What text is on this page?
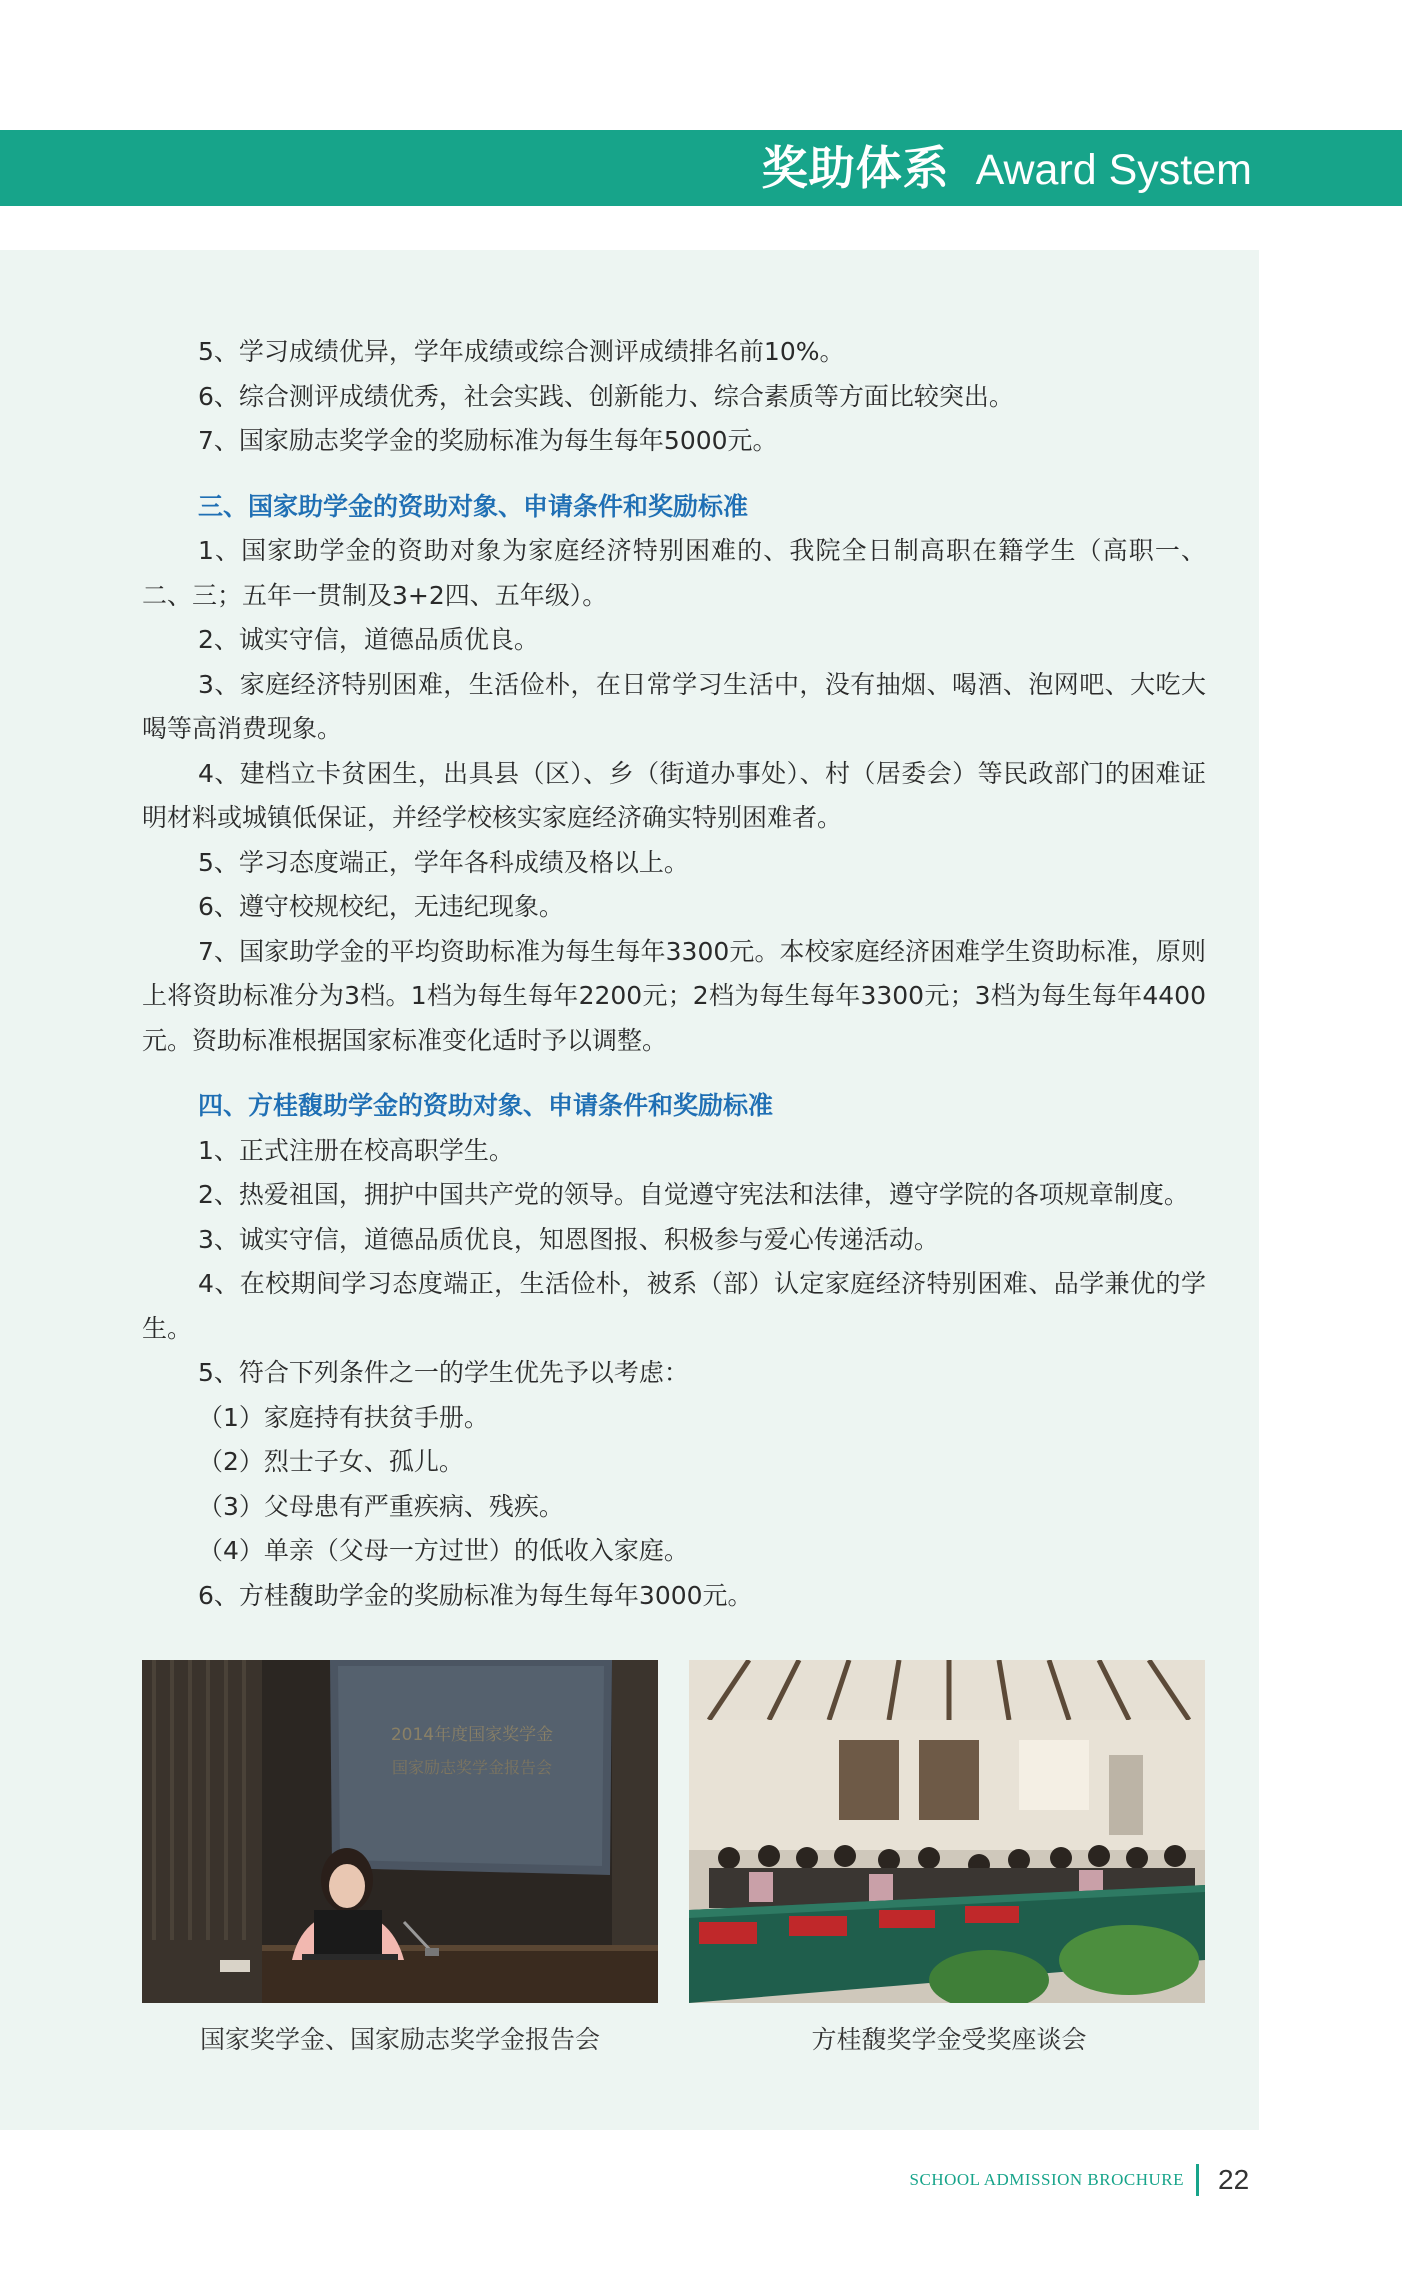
奖助体系 Award System

5、学习成绩优异，学年成绩或综合测评成绩排名前10%。

6、综合测评成绩优秀，社会实践、创新能力、综合素质等方面比较突出。

7、国家励志奖学金的奖励标准为每生每年5000元。

三、国家助学金的资助对象、申请条件和奖励标准

1、国家助学金的资助对象为家庭经济特别困难的、我院全日制高职在籍学生（高职一、二、三；五年一贯制及3+2四、五年级）。

2、诚实守信，道德品质优良。

3、家庭经济特别困难，生活俭朴，在日常学习生活中，没有抽烟、喝酒、泡网吧、大吃大喝等高消费现象。

4、建档立卡贫困生，出具县（区）、乡（街道办事处）、村（居委会）等民政部门的困难证明材料或城镇低保证，并经学校核实家庭经济确实特别困难者。

5、学习态度端正，学年各科成绩及格以上。

6、遵守校规校纪，无违纪现象。

7、国家助学金的平均资助标准为每生每年3300元。本校家庭经济困难学生资助标准，原则上将资助标准分为3档。1档为每生每年2200元；2档为每生每年3300元；3档为每生每年4400元。资助标准根据国家标准变化适时予以调整。

四、方桂馥助学金的资助对象、申请条件和奖励标准

1、正式注册在校高职学生。

2、热爱祖国，拥护中国共产党的领导。自觉遵守宪法和法律，遵守学院的各项规章制度。

3、诚实守信，道德品质优良，知恩图报、积极参与爱心传递活动。

4、在校期间学习态度端正，生活俭朴，被系（部）认定家庭经济特别困难、品学兼优的学生。

5、符合下列条件之一的学生优先予以考虑：

（1）家庭持有扶贫手册。

（2）烈士子女、孤儿。

（3）父母患有严重疾病、残疾。

（4）单亲（父母一方过世）的低收入家庭。

6、方桂馥助学金的奖励标准为每生每年3000元。

2014年度国家奖学金
国家励志奖学金报告会
国家奖学金、国家励志奖学金报告会	方桂馥奖学金受奖座谈会
SCHOOL ADMISSION BROCHURE 22
